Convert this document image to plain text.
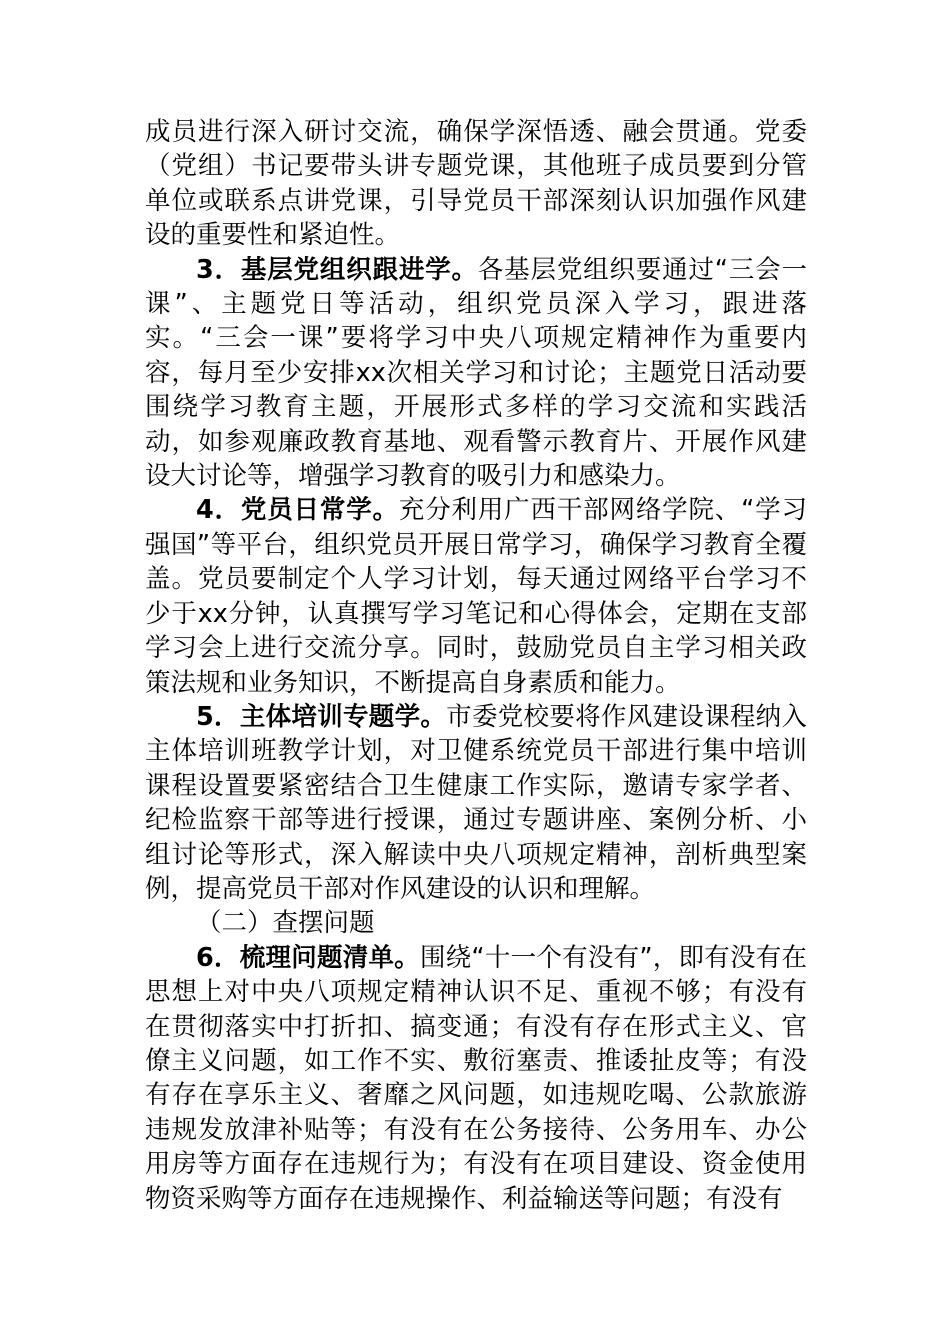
成员进行深入研讨交流，确保学深悟透、融会贯通。党委（党组）书记要带头讲专题党课，其他班子成员要到分管单位或联系点讲党课，引导党员干部深刻认识加强作风建设的重要性和紧迫性。

3．基层党组织跟进学。各基层党组织要通过“三会一课”、主题党日等活动，组织党员深入学习，跟进落实。“三会一课”要将学习中央八项规定精神作为重要内容，每月至少安排xx次相关学习和讨论；主题党日活动要围绕学习教育主题，开展形式多样的学习交流和实践活动，如参观廉政教育基地、观看警示教育片、开展作风建设大讨论等，增强学习教育的吸引力和感染力。

4．党员日常学。充分利用广西干部网络学院、“学习强国”等平台，组织党员开展日常学习，确保学习教育全覆盖。党员要制定个人学习计划，每天通过网络平台学习不少于xx分钟，认真撰写学习笔记和心得体会，定期在支部学习会上进行交流分享。同时，鼓励党员自主学习相关政策法规和业务知识，不断提高自身素质和能力。

5．主体培训专题学。市委党校要将作风建设课程纳入主体培训班教学计划，对卫健系统党员干部进行集中培训课程设置要紧密结合卫生健康工作实际，邀请专家学者、纪检监察干部等进行授课，通过专题讲座、案例分析、小组讨论等形式，深入解读中央八项规定精神，剖析典型案例，提高党员干部对作风建设的认识和理解。

（二）查摆问题

6．梳理问题清单。围绕“十一个有没有”，即有没有在思想上对中央八项规定精神认识不足、重视不够；有没有在贯彻落实中打折扣、搞变通；有没有存在形式主义、官僚主义问题，如工作不实、敷衍塞责、推诿扯皮等；有没有存在享乐主义、奢靡之风问题，如违规吃喝、公款旅游违规发放津补贴等；有没有在公务接待、公务用车、办公用房等方面存在违规行为；有没有在项目建设、资金使用物资采购等方面存在违规操作、利益输送等问题；有没有
